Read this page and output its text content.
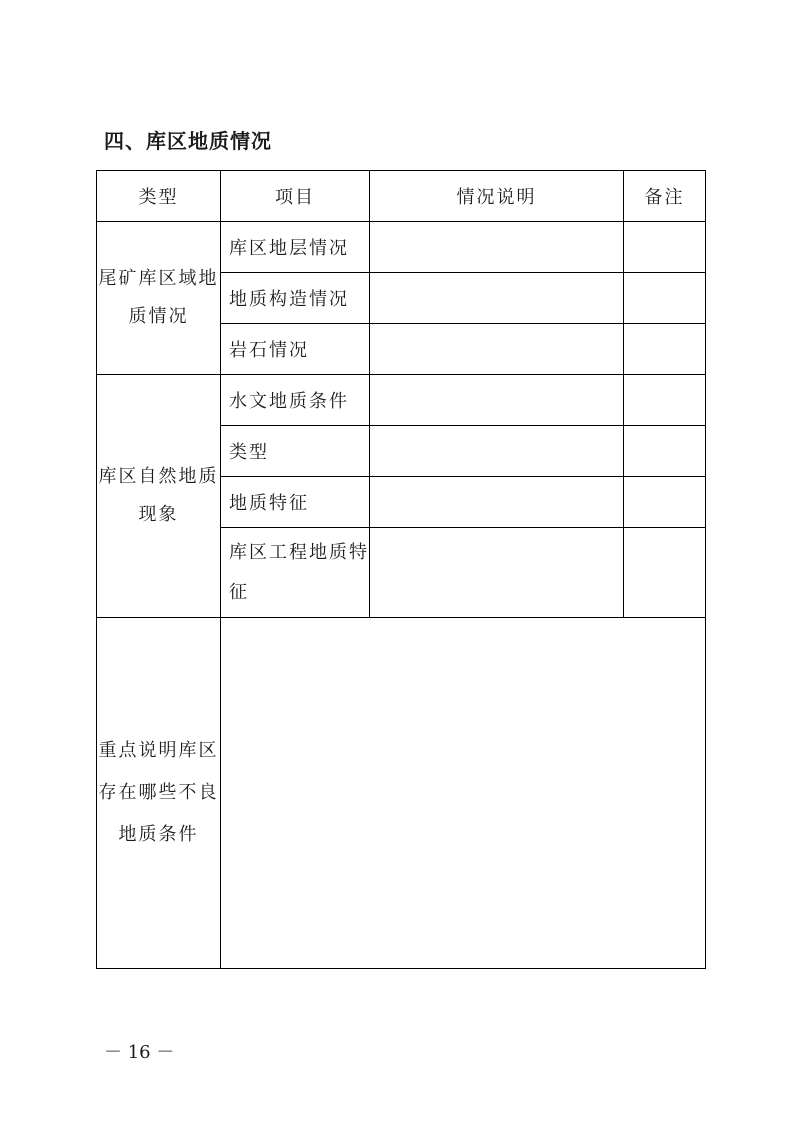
四、库区地质情况
类型	项目	情况说明	备注
尾矿库区域地质情况	库区地层情况		
	地质构造情况		
	岩石情况		
库区自然地质现象	水文地质条件		
	类型		
	地质特征		
	库区工程地质特征		
重点说明库区存在哪些不良地质条件			
－ 16 －
